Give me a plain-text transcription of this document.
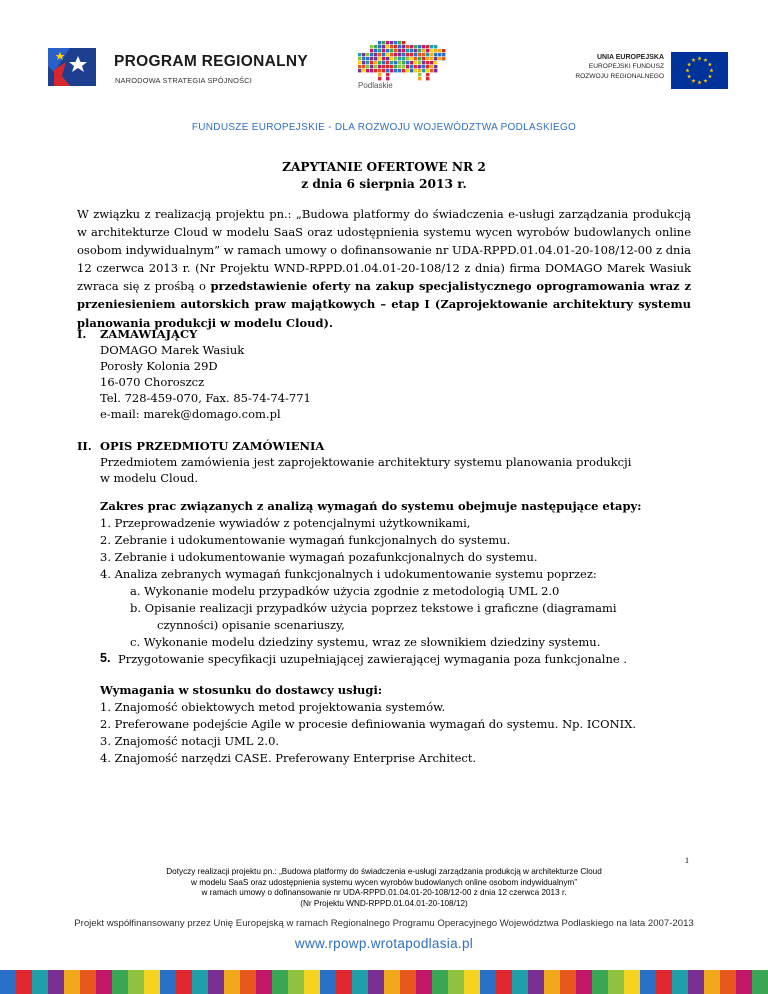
PROGRAM REGIONALNY
NARODOWA STRATEGIA SPÓJNOŚCI
Podlaskie
UNIA EUROPEJSKA
EUROPEJSKI FUNDUSZ
ROZWOJU REGIONALNEGO
FUNDUSZE EUROPEJSKIE - DLA ROZWOJU WOJEWÓDZTWA PODLASKIEGO
ZAPYTANIE OFERTOWE NR 2
z dnia 6 sierpnia 2013 r.
W związku z realizacją projektu pn.: „Budowa platformy do świadczenia e-usługi zarządzania produkcją w architekturze Cloud w modelu SaaS oraz udostępnienia systemu wycen wyrobów budowlanych online osobom indywidualnym” w ramach umowy o dofinansowanie nr UDA-RPPD.01.04.01-20-108/12-00 z dnia 12 czerwca 2013 r. (Nr Projektu WND-RPPD.01.04.01-20-108/12 z dnia) firma DOMAGO Marek Wasiuk zwraca się z prośbą o przedstawienie oferty na zakup specjalistycznego oprogramowania wraz z przeniesieniem autorskich praw majątkowych – etap I (Zaprojektowanie architektury systemu planowania produkcji w modelu Cloud).
I. ZAMAWIAJĄCY
DOMAGO Marek Wasiuk
Porosły Kolonia 29D
16-070 Choroszcz
Tel. 728-459-070, Fax. 85-74-74-771
e-mail: marek@domago.com.pl
II. OPIS PRZEDMIOTU ZAMÓWIENIA
Przedmiotem zamówienia jest zaprojektowanie architektury systemu planowania produkcji
w modelu Cloud.
Zakres prac związanych z analizą wymagań do systemu obejmuje następujące etapy:
1. Przeprowadzenie wywiadów z potencjalnymi użytkownikami,
2. Zebranie i udokumentowanie wymagań funkcjonalnych do systemu.
3. Zebranie i udokumentowanie wymagań pozafunkcjonalnych do systemu.
4. Analiza zebranych wymagań funkcjonalnych i udokumentowanie systemu poprzez:
a. Wykonanie modelu przypadków użycia zgodnie z metodologią UML 2.0
b. Opisanie realizacji przypadków użycia poprzez tekstowe i graficzne (diagramami
czynności) opisanie scenariuszy,
c. Wykonanie modelu dziedziny systemu, wraz ze słownikiem dziedziny systemu.
5. Przygotowanie specyfikacji uzupełniającej zawierającej wymagania poza funkcjonalne .
Wymagania w stosunku do dostawcy usługi:
1. Znajomość obiektowych metod projektowania systemów.
2. Preferowane podejście Agile w procesie definiowania wymagań do systemu. Np. ICONIX.
3. Znajomość notacji UML 2.0.
4. Znajomość narzędzi CASE. Preferowany Enterprise Architect.
1
Dotyczy realizacji projektu pn.: „Budowa platformy do świadczenia e-usługi zarządzania produkcją w architekturze Cloud
w modelu SaaS oraz udostępnienia systemu wycen wyrobów budowlanych online osobom indywidualnym”
w ramach umowy o dofinansowanie nr UDA-RPPD.01.04.01-20-108/12-00 z dnia 12 czerwca 2013 r.
(Nr Projektu WND-RPPD.01.04.01-20-108/12)
Projekt współfinansowany przez Unię Europejską w ramach Regionalnego Programu Operacyjnego Województwa Podlaskiego na lata 2007-2013
www.rpowp.wrotapodlasia.pl
